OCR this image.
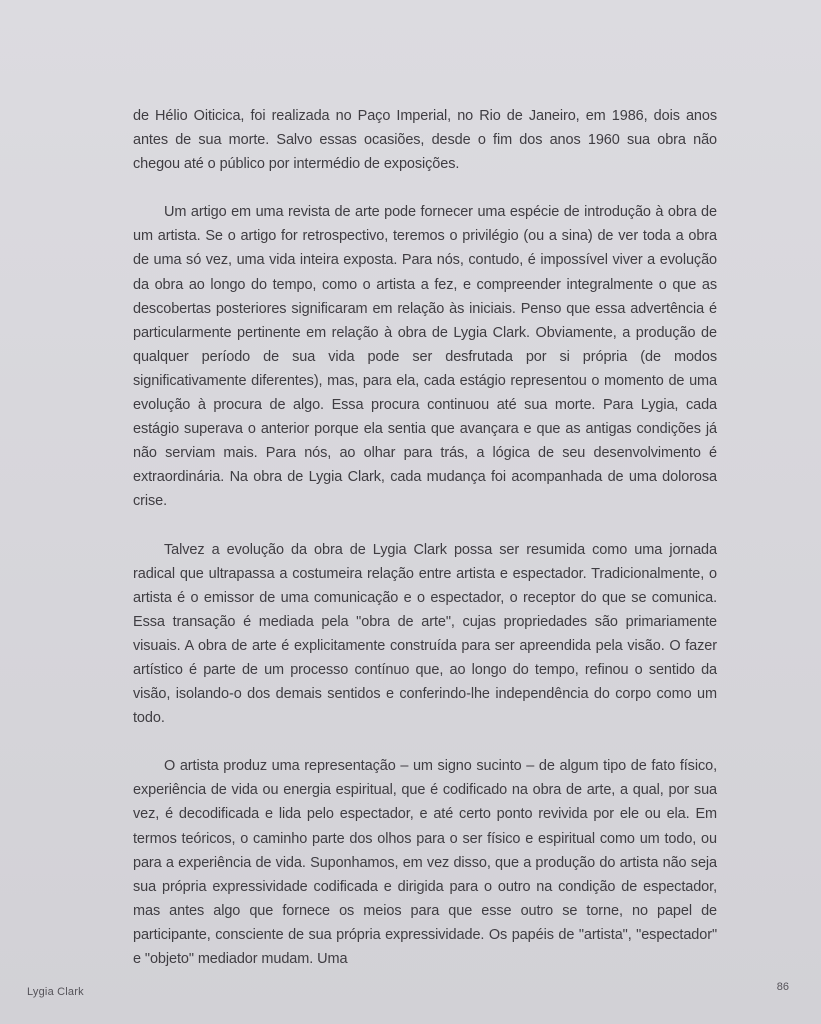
de Hélio Oiticica, foi realizada no Paço Imperial, no Rio de Janeiro, em 1986, dois anos antes de sua morte. Salvo essas ocasiões, desde o fim dos anos 1960 sua obra não chegou até o público por intermédio de exposições.

Um artigo em uma revista de arte pode fornecer uma espécie de introdução à obra de um artista. Se o artigo for retrospectivo, teremos o privilégio (ou a sina) de ver toda a obra de uma só vez, uma vida inteira exposta. Para nós, contudo, é impossível viver a evolução da obra ao longo do tempo, como o artista a fez, e compreender integralmente o que as descobertas posteriores significaram em relação às iniciais. Penso que essa advertência é particularmente pertinente em relação à obra de Lygia Clark. Obviamente, a produção de qualquer período de sua vida pode ser desfrutada por si própria (de modos significativamente diferentes), mas, para ela, cada estágio representou o momento de uma evolução à procura de algo. Essa procura continuou até sua morte. Para Lygia, cada estágio superava o anterior porque ela sentia que avançara e que as antigas condições já não serviam mais. Para nós, ao olhar para trás, a lógica de seu desenvolvimento é extraordinária. Na obra de Lygia Clark, cada mudança foi acompanhada de uma dolorosa crise.

Talvez a evolução da obra de Lygia Clark possa ser resumida como uma jornada radical que ultrapassa a costumeira relação entre artista e espectador. Tradicionalmente, o artista é o emissor de uma comunicação e o espectador, o receptor do que se comunica. Essa transação é mediada pela "obra de arte", cujas propriedades são primariamente visuais. A obra de arte é explicitamente construída para ser apreendida pela visão. O fazer artístico é parte de um processo contínuo que, ao longo do tempo, refinou o sentido da visão, isolando-o dos demais sentidos e conferindo-lhe independência do corpo como um todo.

O artista produz uma representação – um signo sucinto – de algum tipo de fato físico, experiência de vida ou energia espiritual, que é codificado na obra de arte, a qual, por sua vez, é decodificada e lida pelo espectador, e até certo ponto revivida por ele ou ela. Em termos teóricos, o caminho parte dos olhos para o ser físico e espiritual como um todo, ou para a experiência de vida. Suponhamos, em vez disso, que a produção do artista não seja sua própria expressividade codificada e dirigida para o outro na condição de espectador, mas antes algo que fornece os meios para que esse outro se torne, no papel de participante, consciente de sua própria expressividade. Os papéis de "artista", "espectador" e "objeto" mediador mudam. Uma

Lygia Clark	86
